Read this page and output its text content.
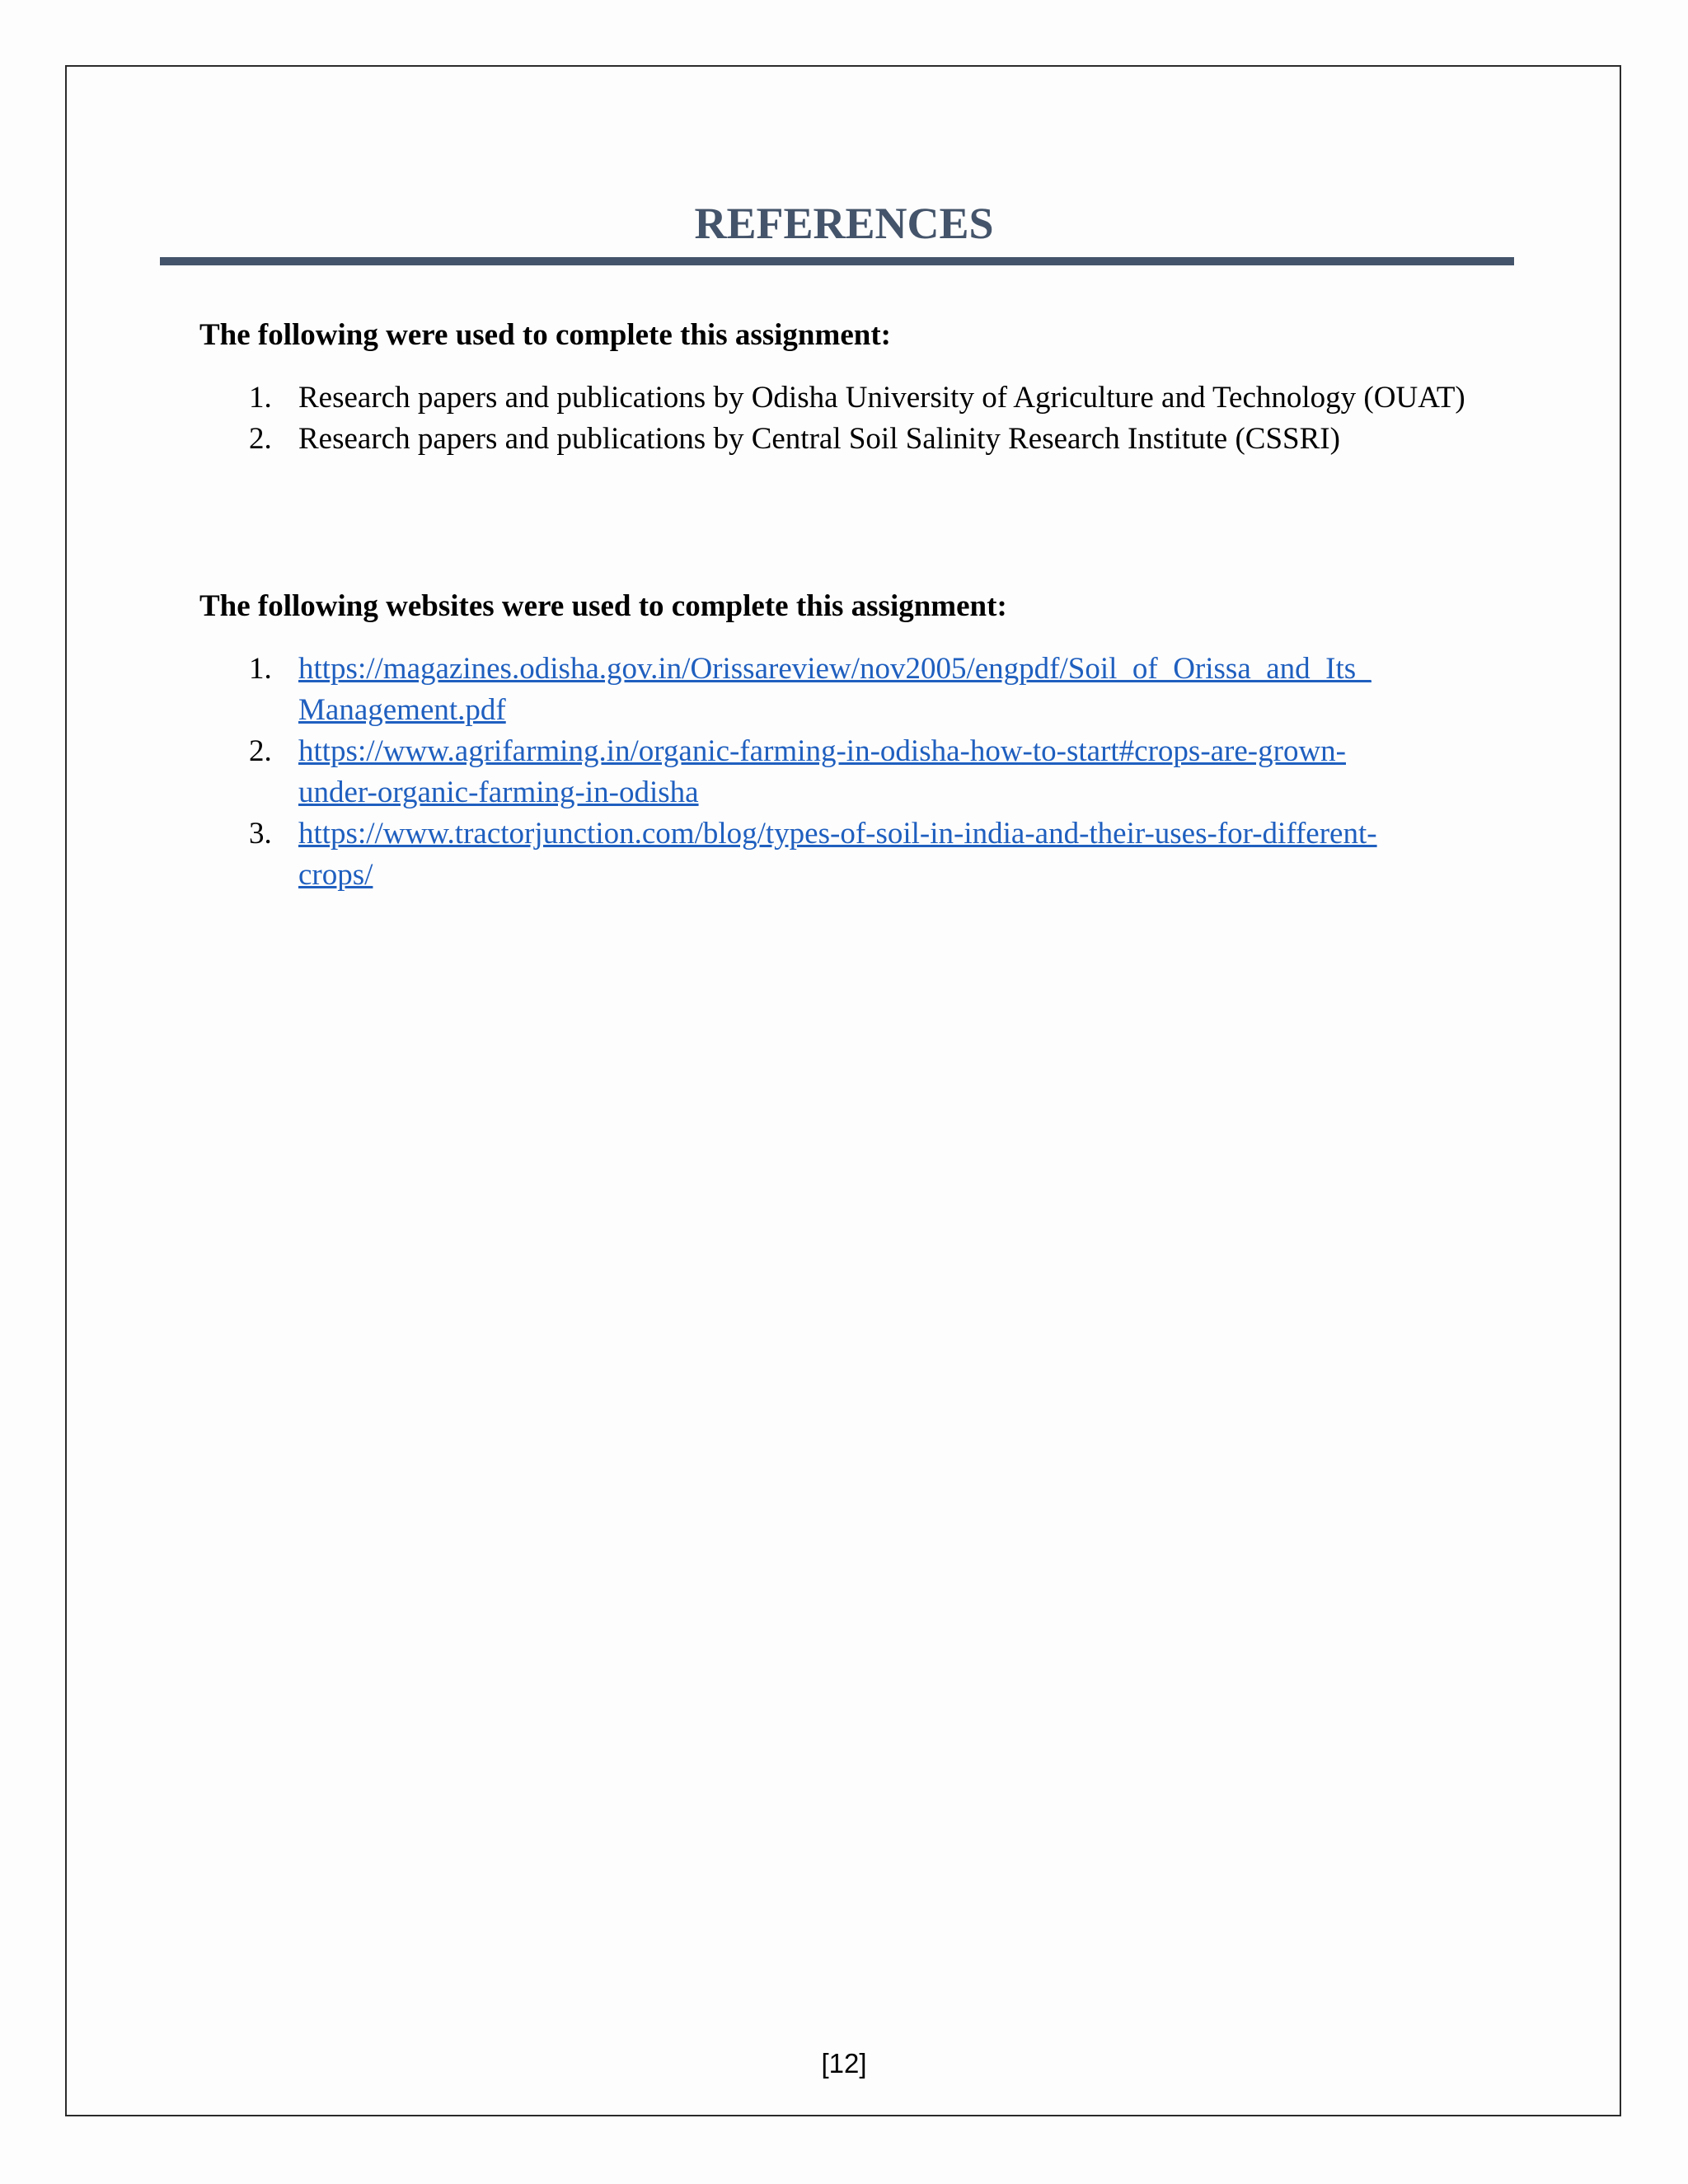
REFERENCES

The following were used to complete this assignment:

1. Research papers and publications by Odisha University of Agriculture and Technology (OUAT)
2. Research papers and publications by Central Soil Salinity Research Institute (CSSRI)

The following websites were used to complete this assignment:

1. https://magazines.odisha.gov.in/Orissareview/nov2005/engpdf/Soil_of_Orissa_and_Its_
Management.pdf
2. https://www.agrifarming.in/organic-farming-in-odisha-how-to-start#crops-are-grown-
under-organic-farming-in-odisha
3. https://www.tractorjunction.com/blog/types-of-soil-in-india-and-their-uses-for-different-
crops/
[12]
